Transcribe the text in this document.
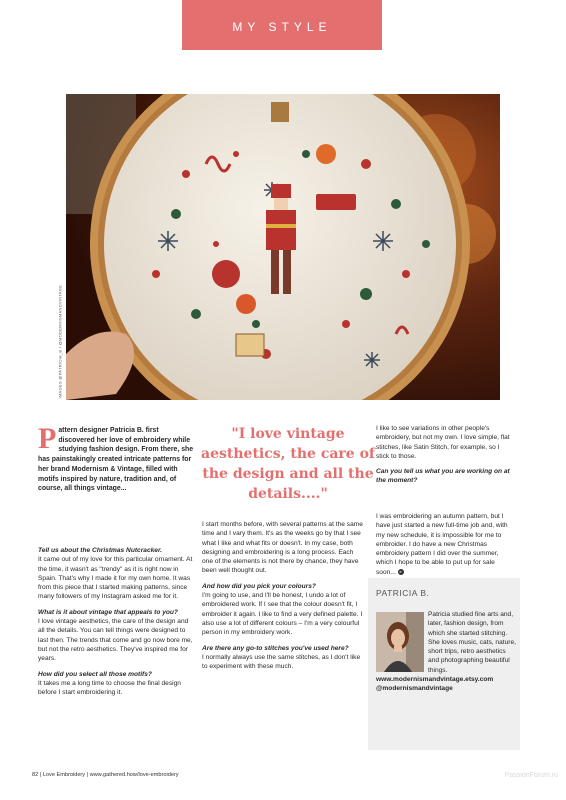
MY STYLE
IMAGES @PATRICIA_B / @MODERNISMANDVINTAGE
P attern designer Patricia B. first discovered her love of embroidery while studying fashion design. From there, she has painstakingly created intricate patterns for her brand Modernism & Vintage, filled with motifs inspired by nature, tradition and, of course, all things vintage...

Tell us about the Christmas Nutcracker.

It came out of my love for this particular ornament. At the time, it wasn't as "trendy" as it is right now in Spain. That's why I made it for my own home. It was from this piece that I started making patterns, since many followers of my Instagram asked me for it.

What is it about vintage that appeals to you?

I love vintage aesthetics, the care of the design and all the details. You can tell things were designed to last then. The trends that come and go now bore me, but not the retro aesthetics. They've inspired me for years.

How did you select all those motifs?

It takes me a long time to choose the final design before I start embroidering it.

"I love vintage aesthetics, the care of the design and all the details...."

I start months before, with several patterns at the same time and I vary them. It's as the weeks go by that I see what I like and what fits or doesn't. In my case, both designing and embroidering is a long process. Each one of the elements is not there by chance, they have been well thought out.

And how did you pick your colours?

I'm going to use, and I'll be honest, I undo a lot of embroidered work. If I see that the colour doesn't fit, I embroider it again. I like to find a very defined palette. I also use a lot of different colours – I'm a very colourful person in my embroidery work.

Are there any go-to stitches you've used here?

I normally always use the same stitches, as I don't like to experiment with these much.

I like to see variations in other people's embroidery, but not my own. I love simple, flat stitches, like Satin Stitch, for example, so I stick to those.

Can you tell us what you are working on at the moment?

I was embroidering an autumn pattern, but I have just started a new full-time job and, with my new schedule, it is impossible for me to embroider. I do have a new Christmas embroidery pattern I did over the summer, which I hope to be able to put up for sale soon... e

PATRICIA B.
Patricia studied fine arts and, later, fashion design, from which she started stitching. She loves music, cats, nature, short trips, retro aesthetics and photographing beautiful things.
www.modernismandvintage.etsy.com
@modernismandvintage
82 | Love Embroidery | www.gathered.how/love-embroidery	PassionForum.ru
